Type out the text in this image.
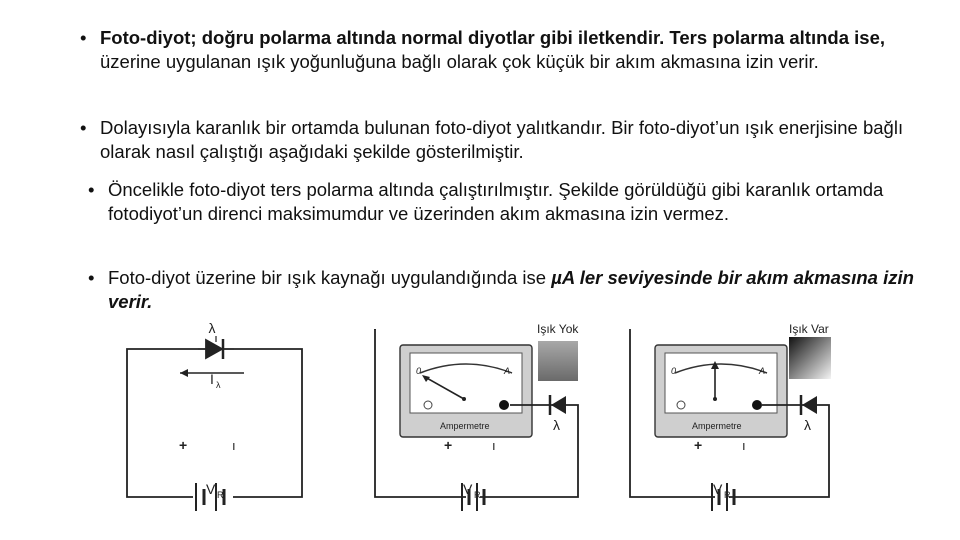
• Foto-diyot; doğru polarma altında normal diyotlar gibi iletkendir. Ters polarma altında ise, üzerine uygulanan ışık yoğunluğuna bağlı olarak çok küçük bir akım akmasına izin verir.
• Dolayısıyla karanlık bir ortamda bulunan foto-diyot yalıtkandır. Bir foto-diyot’un ışık enerjisine bağlı olarak nasıl çalıştığı aşağıdaki şekilde gösterilmiştir.
• Öncelikle foto-diyot ters polarma altında çalıştırılmıştır. Şekilde görüldüğü gibi karanlık ortamda fotodiyot’un direnci maksimumdur ve üzerinden akım akmasına izin vermez.
• Foto-diyot üzerine bir ışık kaynağı uygulandığında ise µA ler seviyesinde bir akım akmasına izin verir.
λ
I λ
+	ı
V R
Işık Yok
0	A
Ampermetre	λ
+	ı
V R
Işık Var
0	A
Ampermetre	λ
+	ı
V R
